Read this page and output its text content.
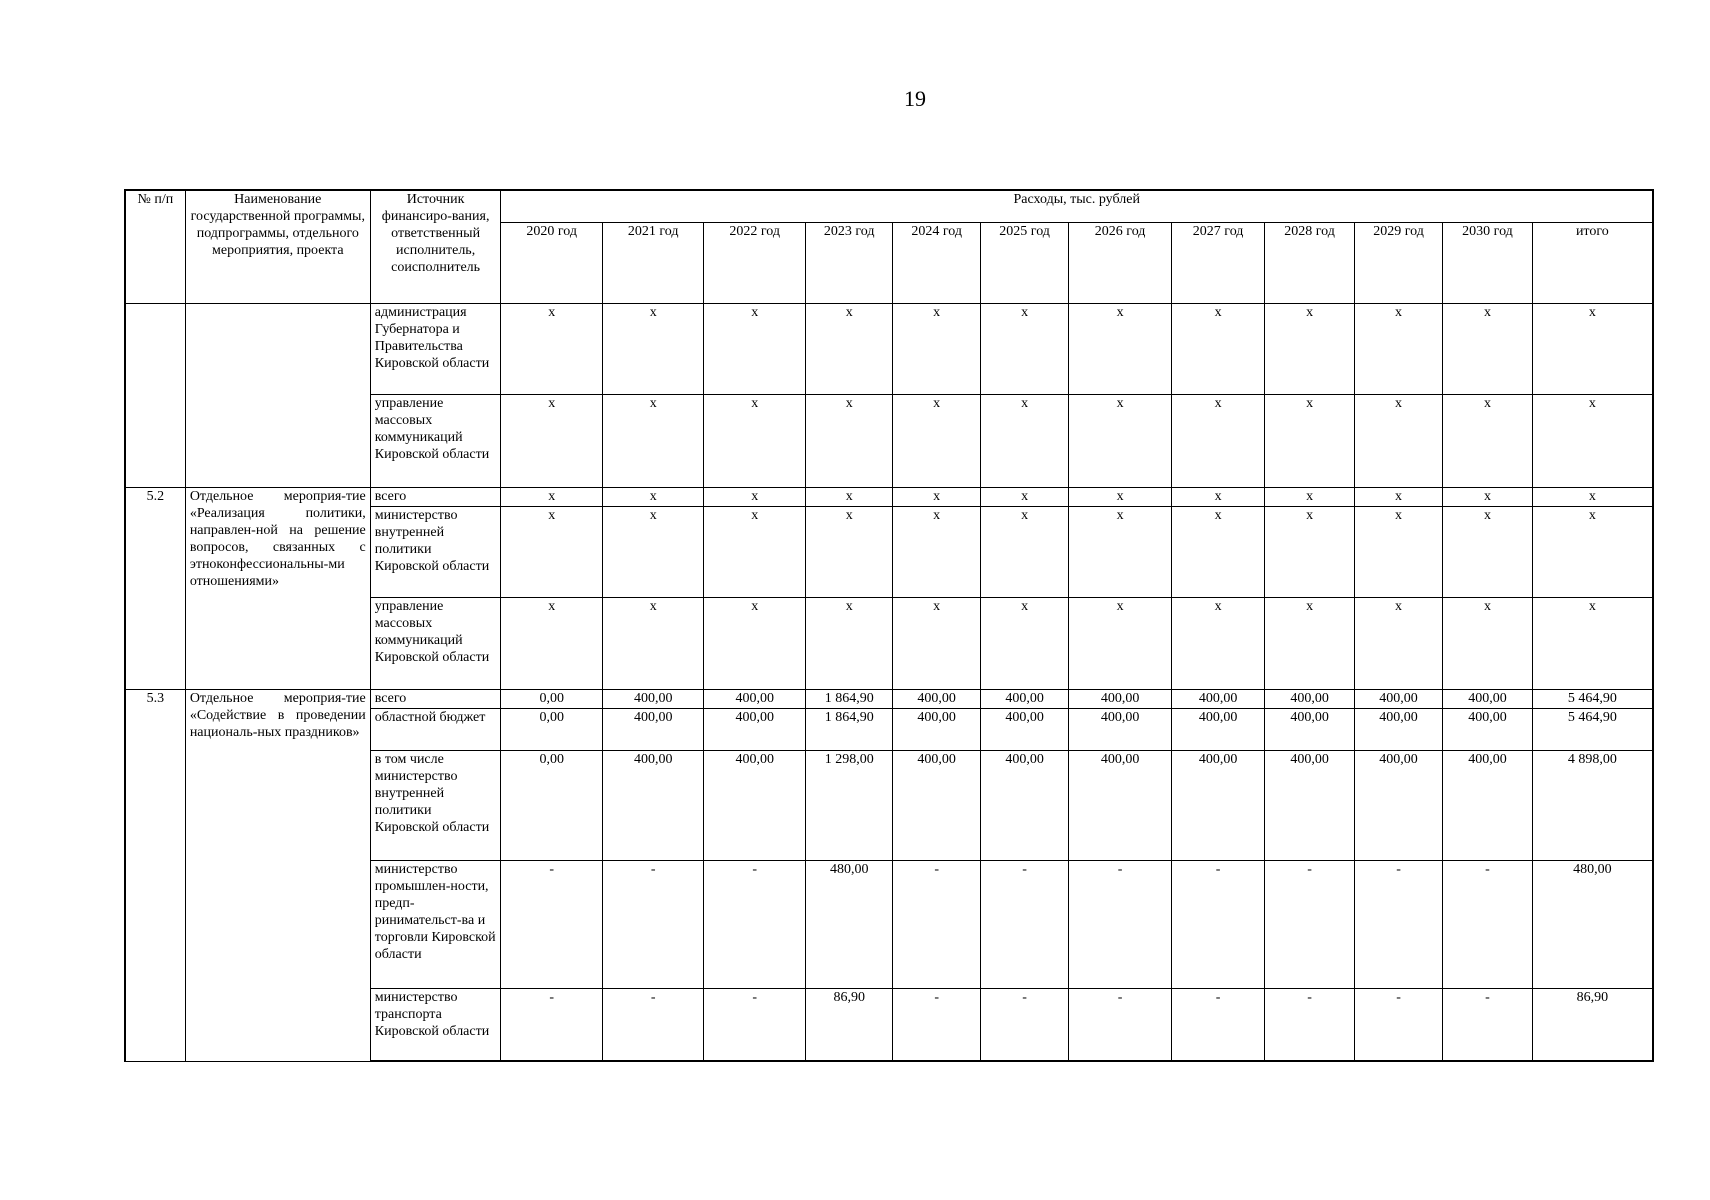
19
№ п/п	Наименование государственной программы, подпрограммы, отдельного мероприятия, проекта	Источник финансиро-вания, ответственный исполнитель, соисполнитель	Расходы, тыс. рублей											
			2020 год	2021 год	2022 год	2023 год	2024 год	2025 год	2026 год	2027 год	2028 год	2029 год	2030 год	итого
		администрация Губернатора и Правительства Кировской области	x	x	x	x	x	x	x	x	x	x	x	x
		управление массовых коммуникаций Кировской области	x	x	x	x	x	x	x	x	x	x	x	x
5.2	Отдельное мероприя-тие «Реализация политики, направлен-ной на решение вопросов, связанных с этноконфессиональны-ми отношениями»	всего	x	x	x	x	x	x	x	x	x	x	x	x
		министерство внутренней политики Кировской области	x	x	x	x	x	x	x	x	x	x	x	x
		управление массовых коммуникаций Кировской области	x	x	x	x	x	x	x	x	x	x	x	x
5.3	Отдельное мероприя-тие «Содействие в проведении националь-ных праздников»	всего	0,00	400,00	400,00	1 864,90	400,00	400,00	400,00	400,00	400,00	400,00	400,00	5 464,90
		областной бюджет	0,00	400,00	400,00	1 864,90	400,00	400,00	400,00	400,00	400,00	400,00	400,00	5 464,90
		в том числе министерство внутренней политики Кировской области	0,00	400,00	400,00	1 298,00	400,00	400,00	400,00	400,00	400,00	400,00	400,00	4 898,00
		министерство промышлен-ности, предп-ринимательст-ва и торговли Кировской области	-	-	-	480,00	-	-	-	-	-	-	-	480,00
		министерство транспорта Кировской области	-	-	-	86,90	-	-	-	-	-	-	-	86,90
